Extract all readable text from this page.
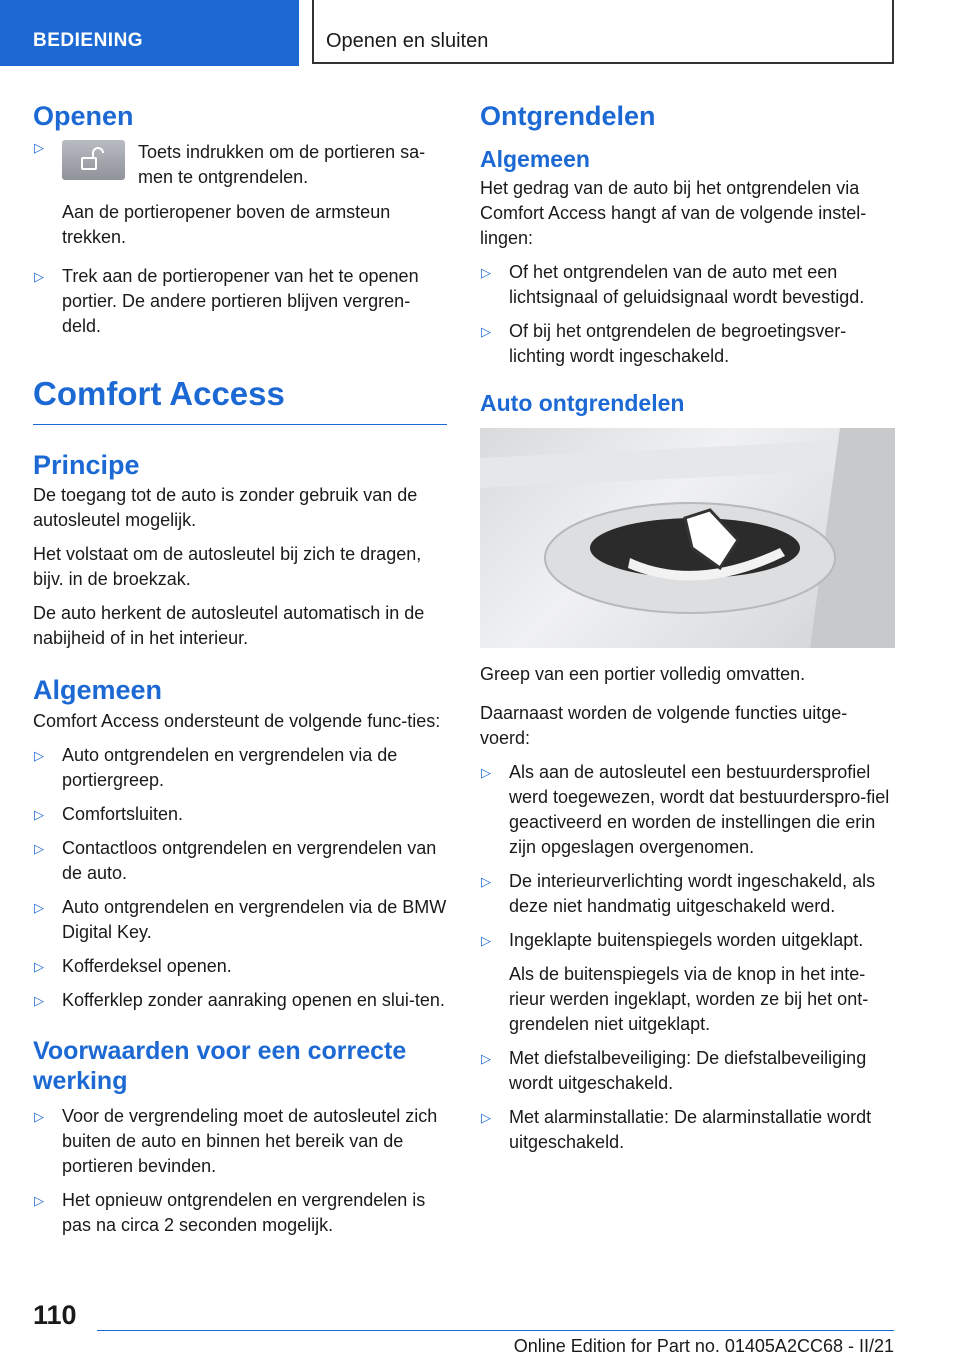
BEDIENING	Openen en sluiten
Openen
▷	Toets indrukken om de portieren sa-men te ontgrendelen.

Aan de portieropener boven de armsteun trekken.

▷ Trek aan de portieropener van het te openen portier. De andere portieren blijven vergren-deld.
Comfort Access
Principe

De toegang tot de auto is zonder gebruik van de autosleutel mogelijk.

Het volstaat om de autosleutel bij zich te dragen, bijv. in de broekzak.

De auto herkent de autosleutel automatisch in de nabijheid of in het interieur.

Algemeen

Comfort Access ondersteunt de volgende func-ties:

▷ Auto ontgrendelen en vergrendelen via de portiergreep.
▷ Comfortsluiten.
▷ Contactloos ontgrendelen en vergrendelen van de auto.
▷ Auto ontgrendelen en vergrendelen via de BMW Digital Key.
▷ Kofferdeksel openen.
▷ Kofferklep zonder aanraking openen en slui-ten.
Voorwaarden voor een correcte werking
▷ Voor de vergrendeling moet de autosleutel zich buiten de auto en binnen het bereik van de portieren bevinden.
▷ Het opnieuw ontgrendelen en vergrendelen is pas na circa 2 seconden mogelijk.
Ontgrendelen
Algemeen

Het gedrag van de auto bij het ontgrendelen via Comfort Access hangt af van de volgende instel-lingen:

▷ Of het ontgrendelen van de auto met een lichtsignaal of geluidsignaal wordt bevestigd.
▷ Of bij het ontgrendelen de begroetingsver-lichting wordt ingeschakeld.
Auto ontgrendelen

Greep van een portier volledig omvatten.

Daarnaast worden de volgende functies uitge-voerd:

▷ Als aan de autosleutel een bestuurdersprofiel werd toegewezen, wordt dat bestuurderspro-fiel geactiveerd en worden de instellingen die erin zijn opgeslagen overgenomen.
▷ De interieurverlichting wordt ingeschakeld, als deze niet handmatig uitgeschakeld werd.
▷ Ingeklapte buitenspiegels worden uitgeklapt.

Als de buitenspiegels via de knop in het inte-rieur werden ingeklapt, worden ze bij het ont-grendelen niet uitgeklapt.

▷ Met diefstalbeveiliging: De diefstalbeveiliging wordt uitgeschakeld.
▷ Met alarminstallatie: De alarminstallatie wordt uitgeschakeld.
110
Online Edition for Part no. 01405A2CC68 - II/21
